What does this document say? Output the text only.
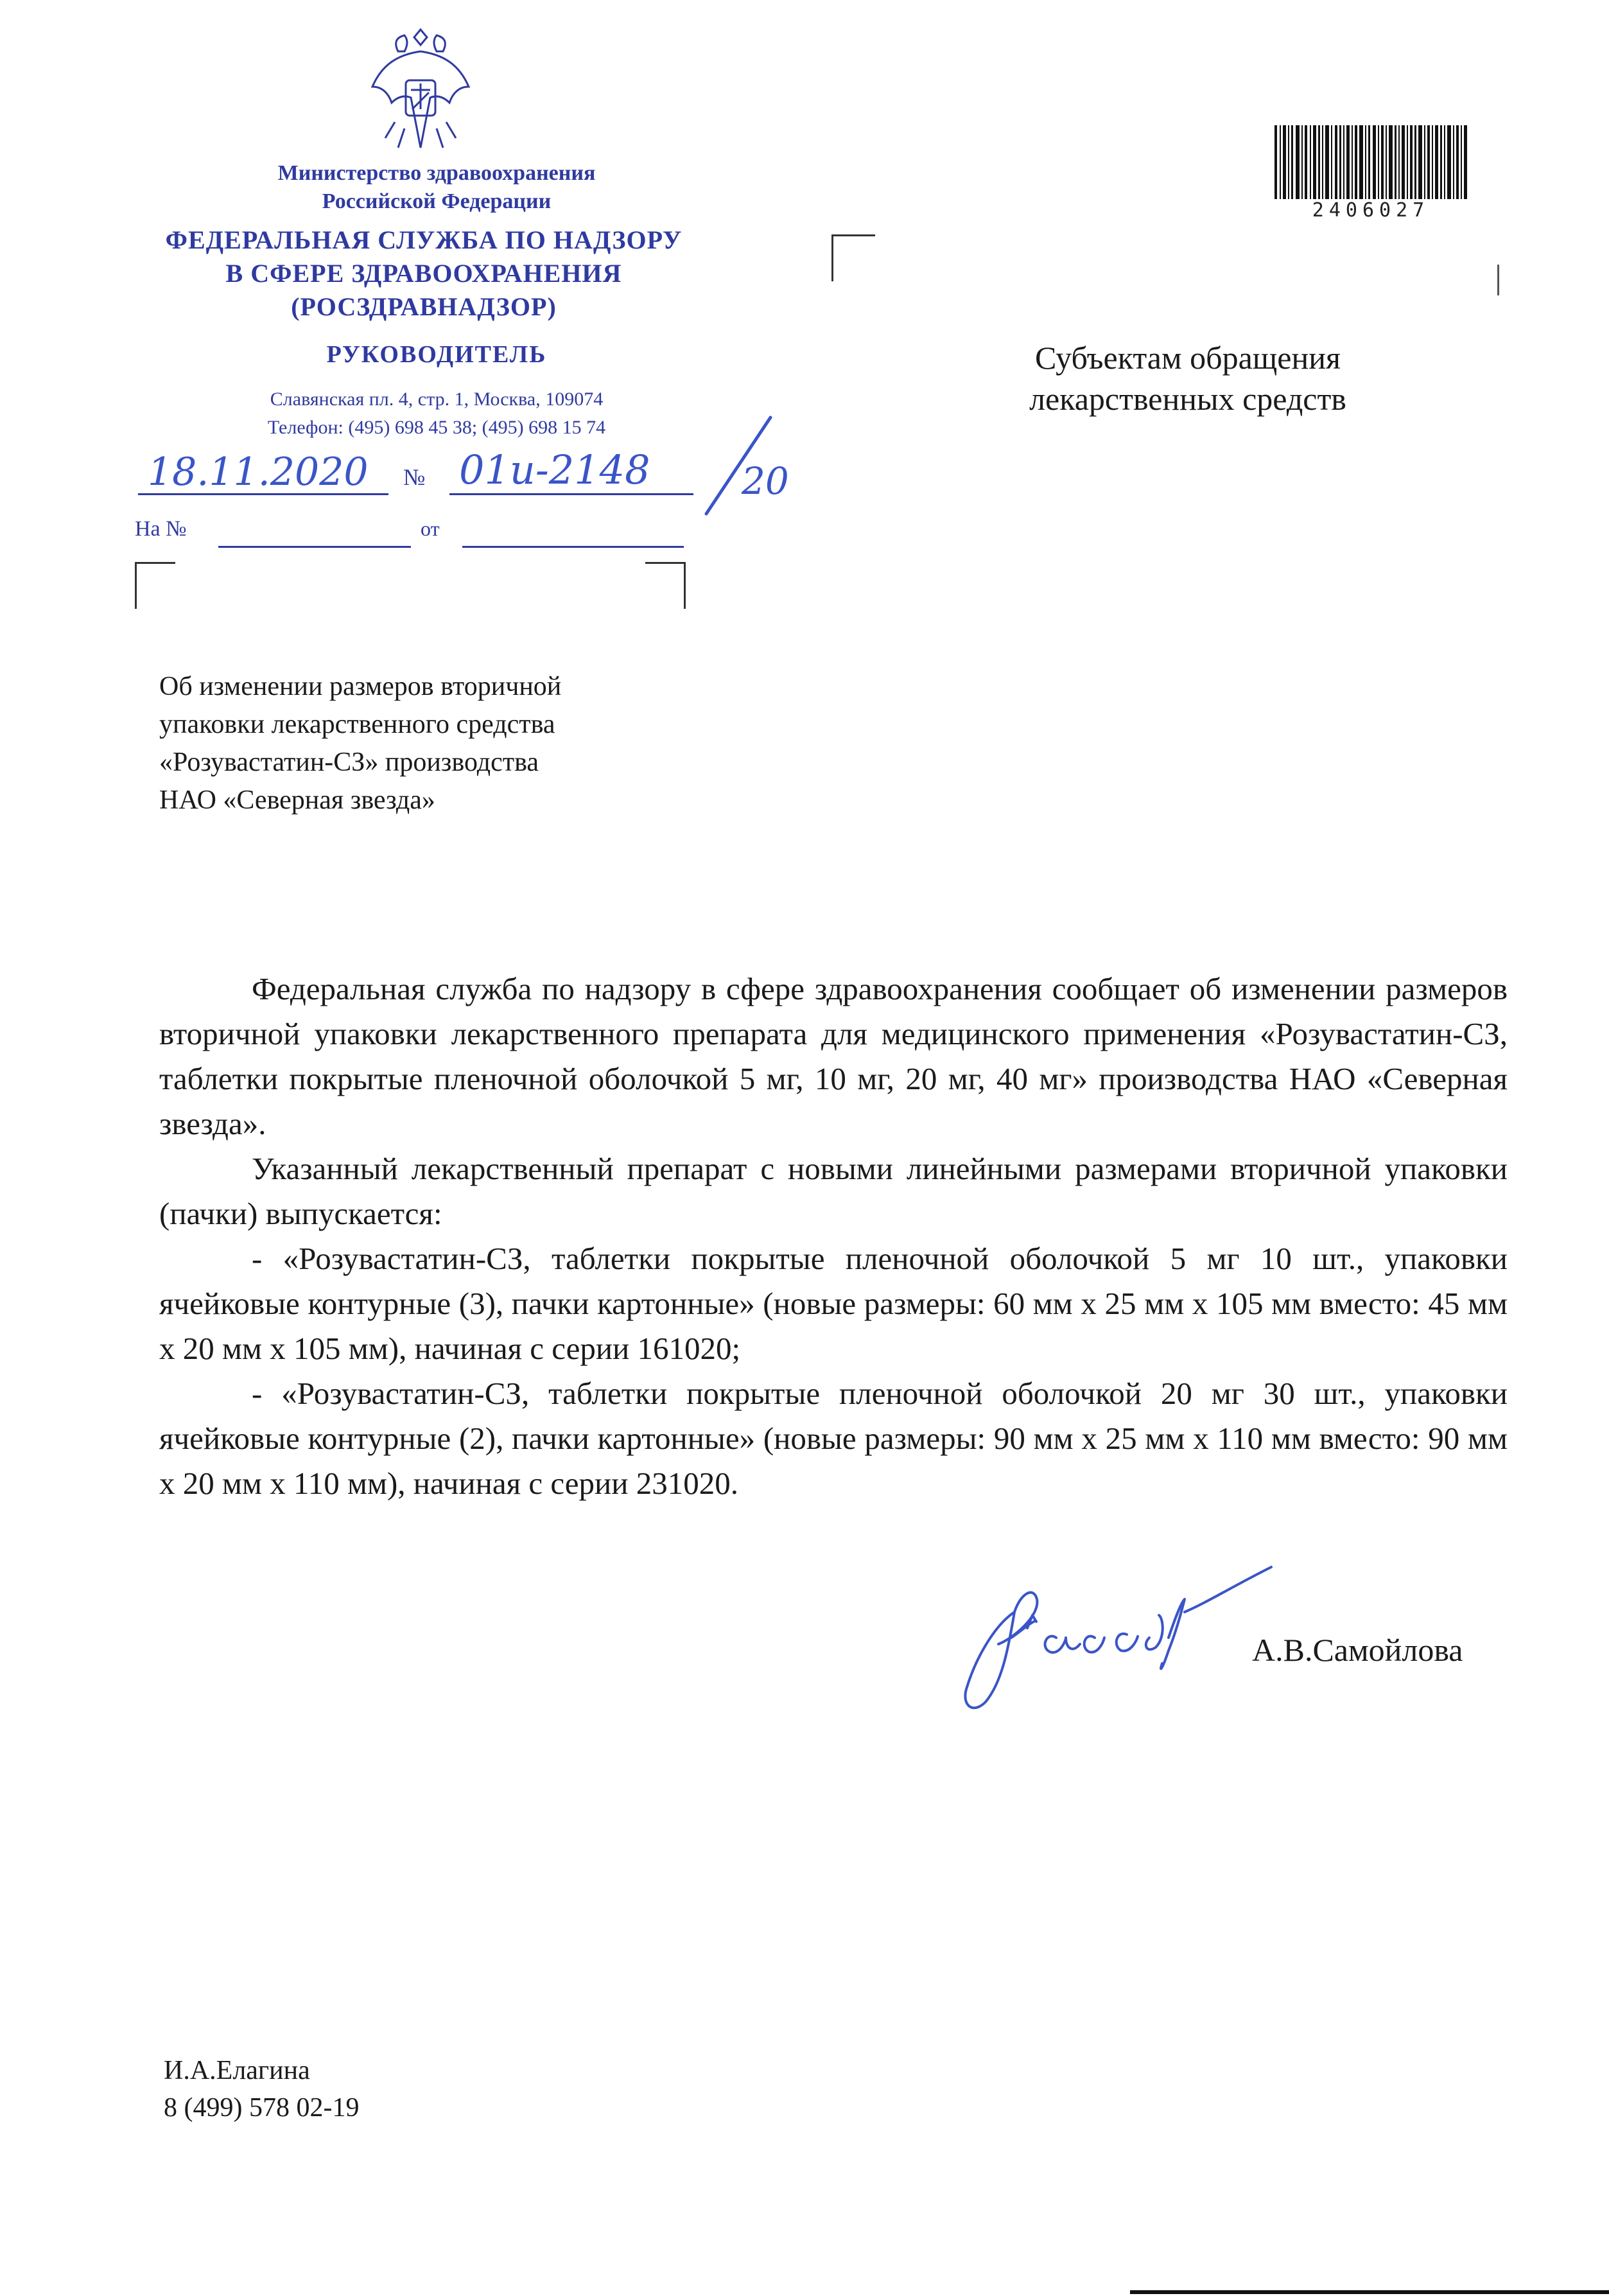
Министерство здравоохранения
Российской Федерации
ФЕДЕРАЛЬНАЯ СЛУЖБА ПО НАДЗОРУ
В СФЕРЕ ЗДРАВООХРАНЕНИЯ
(РОСЗДРАВНАДЗОР)
РУКОВОДИТЕЛЬ
Славянская пл. 4, стр. 1, Москва, 109074
Телефон: (495) 698 45 38; (495) 698 15 74
18.11.2020 № 01и-2148 20
На №	от
2406027
Субъектам обращения
лекарственных средств
Об изменении размеров вторичной
упаковки лекарственного средства
«Розувастатин-СЗ» производства
НАО «Северная звезда»

Федеральная служба по надзору в сфере здравоохранения сообщает об изменении размеров вторичной упаковки лекарственного препарата для медицинского применения «Розувастатин-СЗ, таблетки покрытые пленочной оболочкой 5 мг, 10 мг, 20 мг, 40 мг» производства НАО «Северная звезда».

Указанный лекарственный препарат с новыми линейными размерами вторичной упаковки (пачки) выпускается:

- «Розувастатин-СЗ, таблетки покрытые пленочной оболочкой 5 мг 10 шт., упаковки ячейковые контурные (3), пачки картонные» (новые размеры: 60 мм x 25 мм x 105 мм вместо: 45 мм x 20 мм x 105 мм), начиная с серии 161020;

- «Розувастатин-СЗ, таблетки покрытые пленочной оболочкой 20 мг 30 шт., упаковки ячейковые контурные (2), пачки картонные» (новые размеры: 90 мм x 25 мм x 110 мм вместо: 90 мм x 20 мм x 110 мм), начиная с серии 231020.

А.В.Самойлова
И.А.Елагина
8 (499) 578 02-19
